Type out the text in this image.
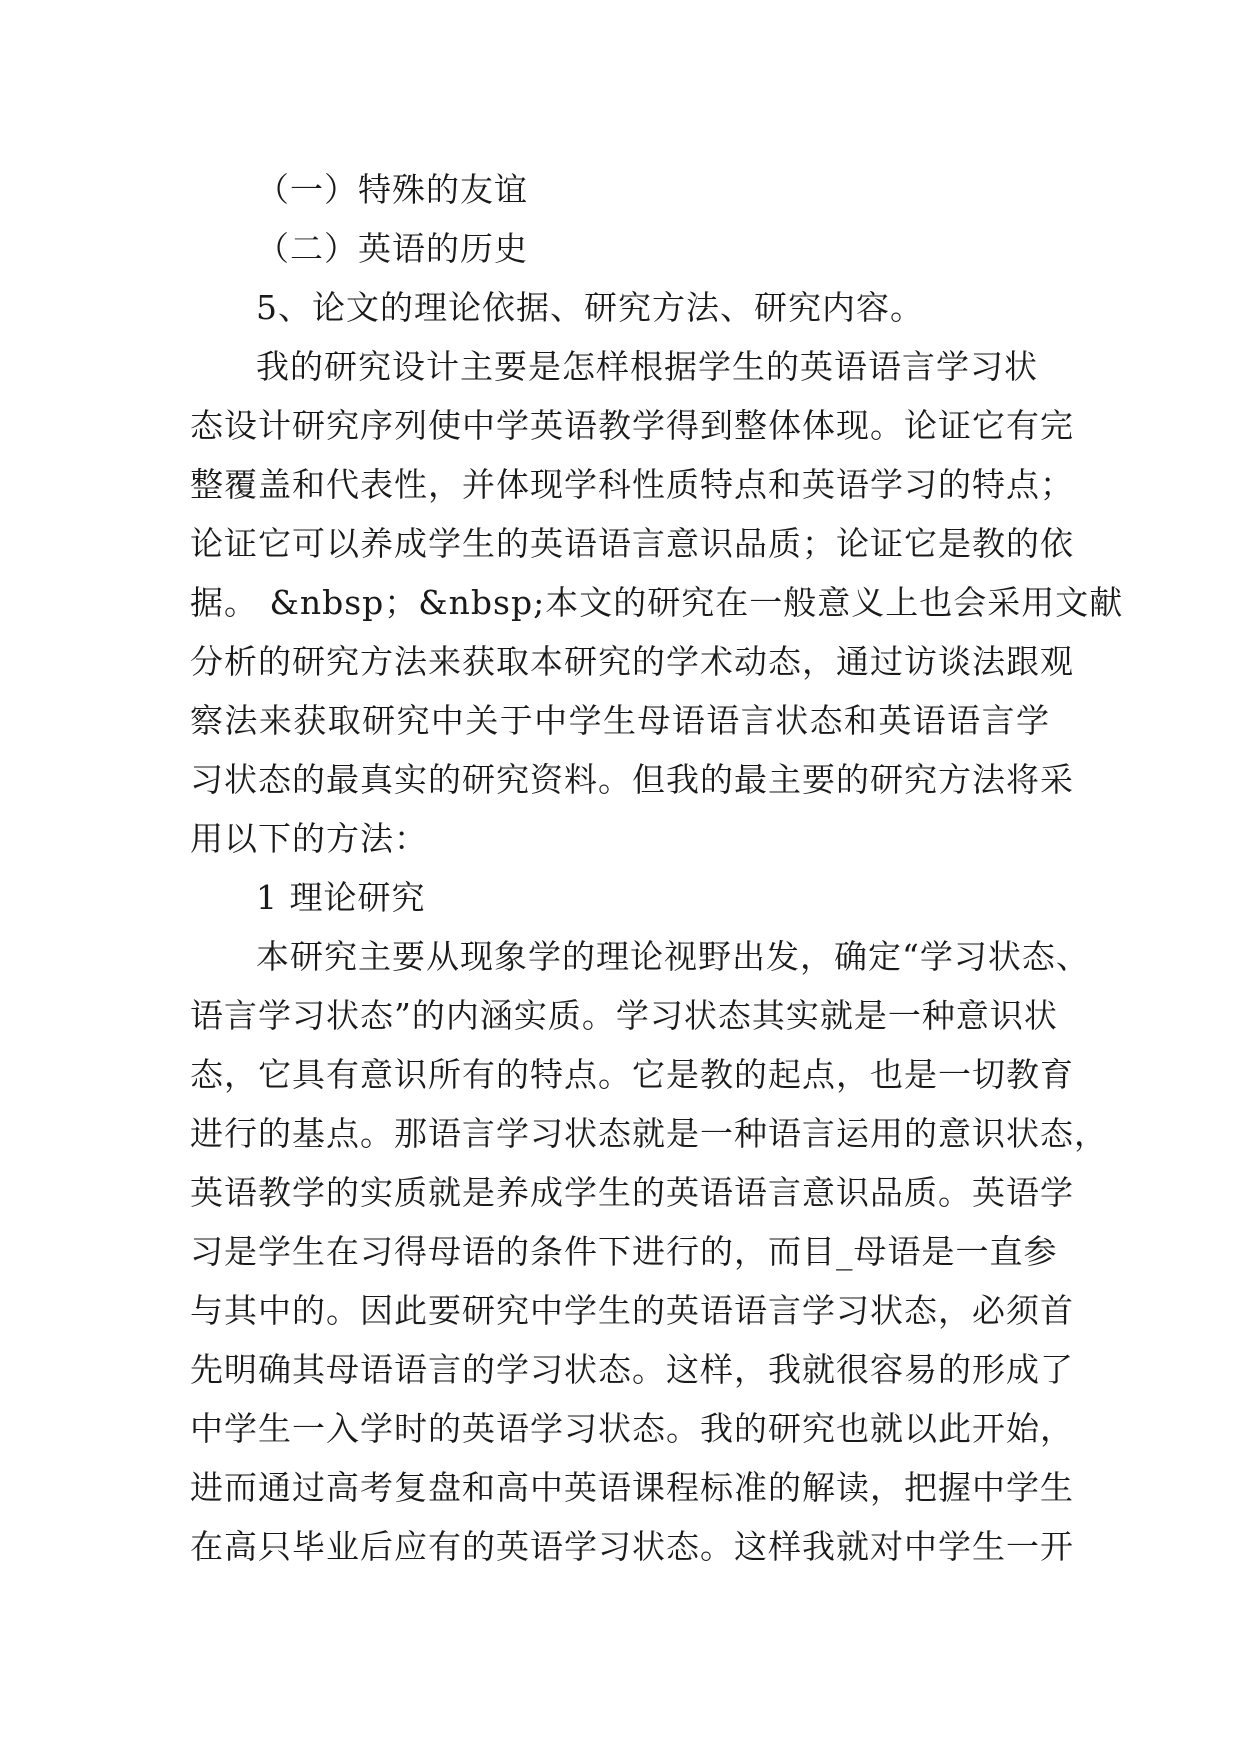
（一）特殊的友谊
（二）英语的历史
5、论文的理论依据、研究方法、研究内容。
我的研究设计主要是怎样根据学生的英语语言学习状
态设计研究序列使中学英语教学得到整体体现。论证它有完
整覆盖和代表性，并体现学科性质特点和英语学习的特点；
论证它可以养成学生的英语语言意识品质；论证它是教的依
据。 &nbsp；&nbsp;本文的研究在一般意义上也会采用文献
分析的研究方法来获取本研究的学术动态，通过访谈法跟观
察法来获取研究中关于中学生母语语言状态和英语语言学
习状态的最真实的研究资料。但我的最主要的研究方法将采
用以下的方法：
1 理论研究
本研究主要从现象学的理论视野出发，确定“学习状态、
语言学习状态”的内涵实质。学习状态其实就是一种意识状
态，它具有意识所有的特点。它是教的起点，也是一切教育
进行的基点。那语言学习状态就是一种语言运用的意识状态，
英语教学的实质就是养成学生的英语语言意识品质。英语学
习是学生在习得母语的条件下进行的，而目_母语是一直参
与其中的。因此要研究中学生的英语语言学习状态，必须首
先明确其母语语言的学习状态。这样，我就很容易的形成了
中学生一入学时的英语学习状态。我的研究也就以此开始，
进而通过高考复盘和高中英语课程标准的解读，把握中学生
在高只毕业后应有的英语学习状态。这样我就对中学生一开
